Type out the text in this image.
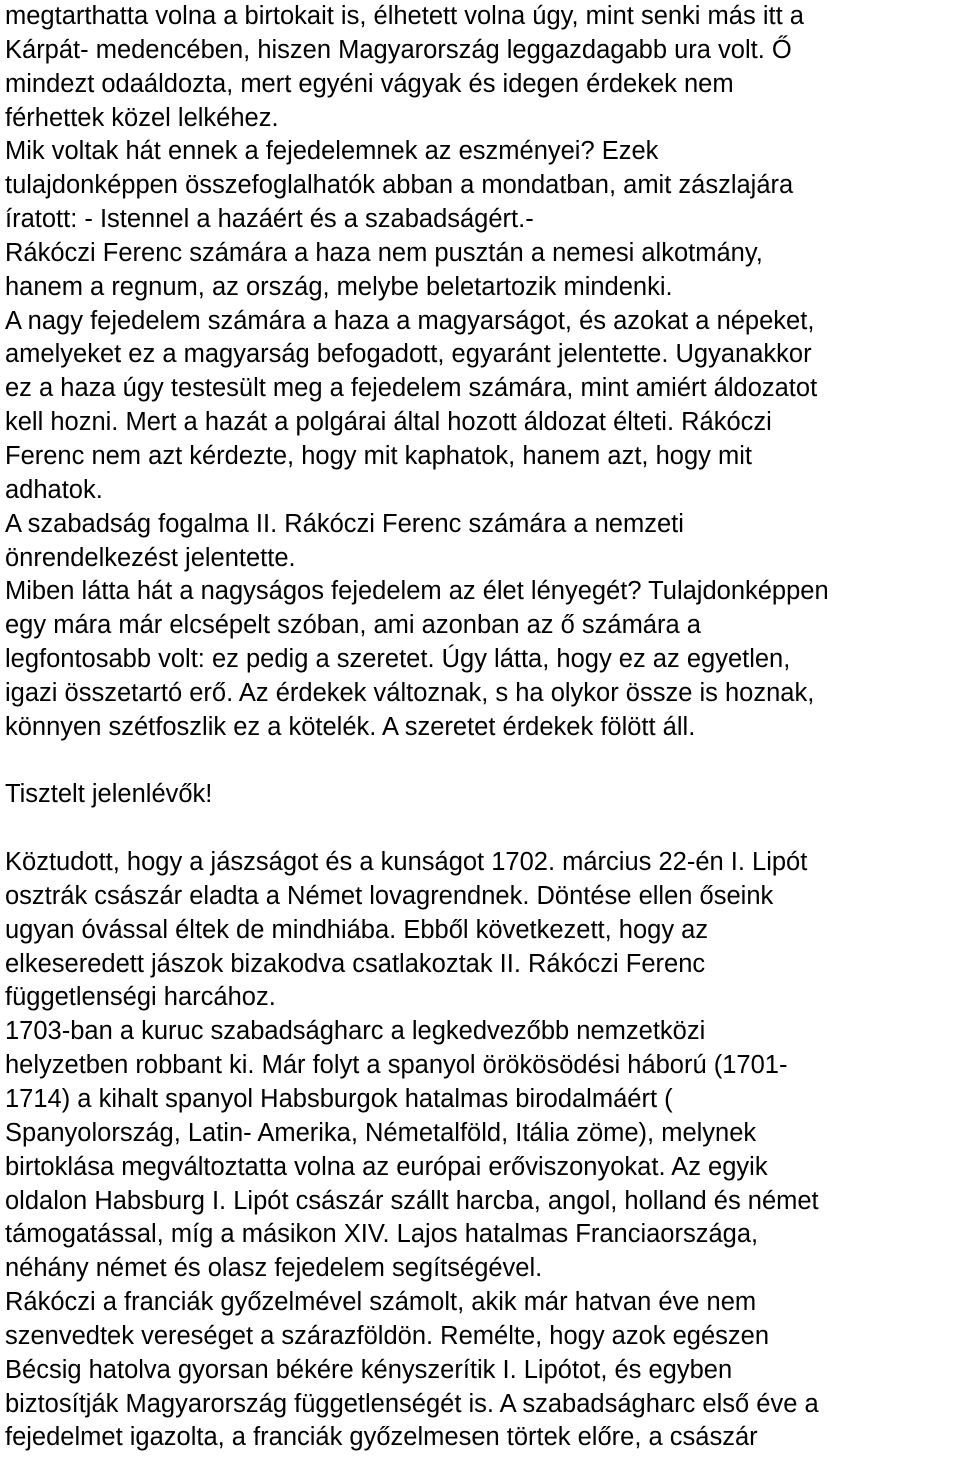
megtarthatta volna a birtokait is, élhetett volna úgy, mint senki más itt a
Kárpát- medencében, hiszen Magyarország leggazdagabb ura volt. Ő
mindezt odaáldozta, mert egyéni vágyak és idegen érdekek nem
férhettek közel lelkéhez.
Mik voltak hát ennek a fejedelemnek az eszményei? Ezek
tulajdonképpen összefoglalhatók abban a mondatban, amit zászlajára
íratott: - Istennel a hazáért és a szabadságért.-
Rákóczi Ferenc számára a haza nem pusztán a nemesi alkotmány,
hanem a regnum, az ország, melybe beletartozik mindenki.
A nagy fejedelem számára a haza a magyarságot, és azokat a népeket,
amelyeket ez a magyarság befogadott, egyaránt jelentette. Ugyanakkor
ez a haza úgy testesült meg a fejedelem számára, mint amiért áldozatot
kell hozni. Mert a hazát a polgárai által hozott áldozat élteti. Rákóczi
Ferenc nem azt kérdezte, hogy mit kaphatok, hanem azt, hogy mit
adhatok.
A szabadság fogalma II. Rákóczi Ferenc számára a nemzeti
önrendelkezést jelentette.
Miben látta hát a nagyságos fejedelem az élet lényegét? Tulajdonképpen
egy mára már elcsépelt szóban, ami azonban az ő számára a
legfontosabb volt: ez pedig a szeretet. Úgy látta, hogy ez az egyetlen,
igazi összetartó erő. Az érdekek változnak, s ha olykor össze is hoznak,
könnyen szétfoszlik ez a kötelék. A szeretet érdekek fölött áll.
Tisztelt jelenlévők!
Köztudott, hogy a jászságot és a kunságot 1702. március 22-én I. Lipót
osztrák császár eladta a Német lovagrendnek. Döntése ellen őseink
ugyan óvással éltek de mindhiába. Ebből következett, hogy az
elkeseredett jászok bizakodva csatlakoztak II. Rákóczi Ferenc
függetlenségi harcához.
1703-ban a kuruc szabadságharc a legkedvezőbb nemzetközi
helyzetben robbant ki. Már folyt a spanyol örökösödési háború (1701-
1714) a kihalt spanyol Habsburgok hatalmas birodalmáért (
Spanyolország, Latin- Amerika, Németalföld, Itália zöme), melynek
birtoklása megváltoztatta volna az európai erőviszonyokat. Az egyik
oldalon Habsburg I. Lipót császár szállt harcba, angol, holland és német
támogatással, míg a másikon XIV. Lajos hatalmas Franciaországa,
néhány német és olasz fejedelem segítségével.
Rákóczi a franciák győzelmével számolt, akik már hatvan éve nem
szenvedtek vereséget a szárazföldön. Remélte, hogy azok egészen
Bécsig hatolva gyorsan békére kényszerítik I. Lipótot, és egyben
biztosítják Magyarország függetlenségét is. A szabadságharc első éve a
fejedelmet igazolta, a franciák győzelmesen törtek előre, a császár
